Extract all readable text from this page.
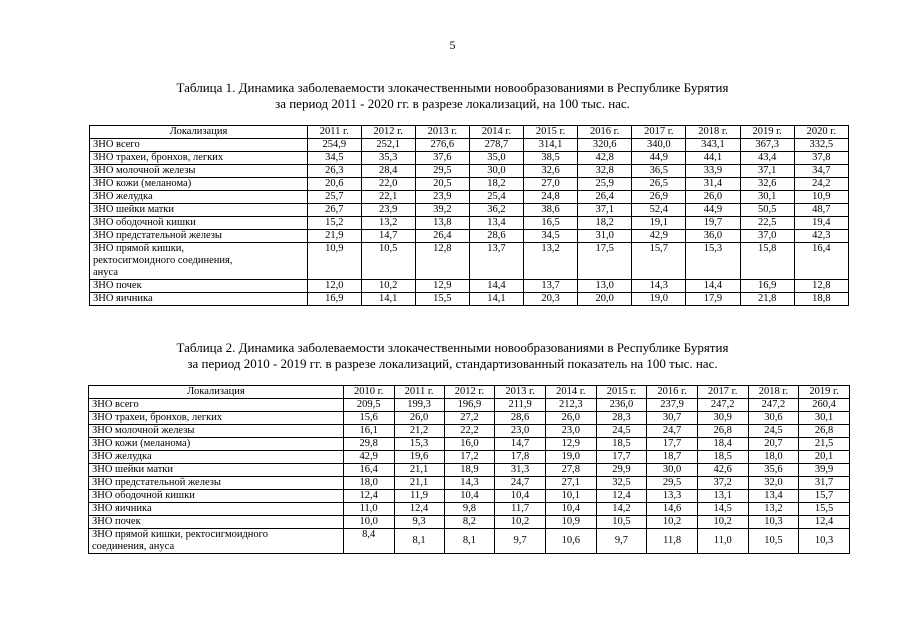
5
Таблица 1. Динамика заболеваемости злокачественными новообразованиями в Республике Бурятия
за период 2011 - 2020 гг. в разрезе локализаций, на 100 тыс. нас.
Локализация	2011 г.	2012 г.	2013 г.	2014 г.	2015 г.	2016 г.	2017 г.	2018 г.	2019 г.	2020 г.
ЗНО всего	254,9	252,1	276,6	278,7	314,1	320,6	340,0	343,1	367,3	332,5
ЗНО трахеи, бронхов, легких	34,5	35,3	37,6	35,0	38,5	42,8	44,9	44,1	43,4	37,8
ЗНО молочной железы	26,3	28,4	29,5	30,0	32,6	32,8	36,5	33,9	37,1	34,7
ЗНО кожи (меланома)	20,6	22,0	20,5	18,2	27,0	25,9	26,5	31,4	32,6	24,2
ЗНО желудка	25,7	22,1	23,9	25,4	24,8	26,4	26,9	26,0	30,1	10,9
ЗНО шейки матки	26,7	23,9	39,2	36,2	38,6	37,1	52,4	44,9	50,5	48,7
ЗНО ободочной кишки	15,2	13,2	13,8	13,4	16,5	18,2	19,1	19,7	22,5	19,4
ЗНО предстательной железы	21,9	14,7	26,4	28,6	34,5	31,0	42,9	36,0	37,0	42,3

ЗНО прямой кишки,
ректосигмоидного соединения,
ануса	10,9	10,5	12,8	13,7	13,2	17,5	15,7	15,3	15,8	16,4
ЗНО почек	12,0	10,2	12,9	14,4	13,7	13,0	14,3	14,4	16,9	12,8
ЗНО яичника	16,9	14,1	15,5	14,1	20,3	20,0	19,0	17,9	21,8	18,8
Таблица 2. Динамика заболеваемости злокачественными новообразованиями в Республике Бурятия
за период 2010 - 2019 гг. в разрезе локализаций, стандартизованный показатель на 100 тыс. нас.
Локализация	2010 г.	2011 г.	2012 г.	2013 г.	2014 г.	2015 г.	2016 г.	2017 г.	2018 г.	2019 г.
ЗНО всего	209,5	199,3	196,9	211,9	212,3	236,0	237,9	247,2	247,2	260,4
ЗНО трахеи, бронхов, легких	15,6	26,0	27,2	28,6	26,0	28,3	30,7	30,9	30,6	30,1
ЗНО молочной железы	16,1	21,2	22,2	23,0	23,0	24,5	24,7	26,8	24,5	26,8
ЗНО кожи (меланома)	29,8	15,3	16,0	14,7	12,9	18,5	17,7	18,4	20,7	21,5
ЗНО желудка	42,9	19,6	17,2	17,8	19,0	17,7	18,7	18,5	18,0	20,1
ЗНО шейки матки	16,4	21,1	18,9	31,3	27,8	29,9	30,0	42,6	35,6	39,9
ЗНО предстательной железы	18,0	21,1	14,3	24,7	27,1	32,5	29,5	37,2	32,0	31,7
ЗНО ободочной кишки	12,4	11,9	10,4	10,4	10,1	12,4	13,3	13,1	13,4	15,7
ЗНО яичника	11,0	12,4	9,8	11,7	10,4	14,2	14,6	14,5	13,2	15,5
ЗНО почек	10,0	9,3	8,2	10,2	10,9	10,5	10,2	10,2	10,3	12,4

ЗНО прямой кишки, ректосигмоидного
соединения, ануса	8,4	8,1	8,1	9,7	10,6	9,7	11,8	11,0	10,5	10,3
